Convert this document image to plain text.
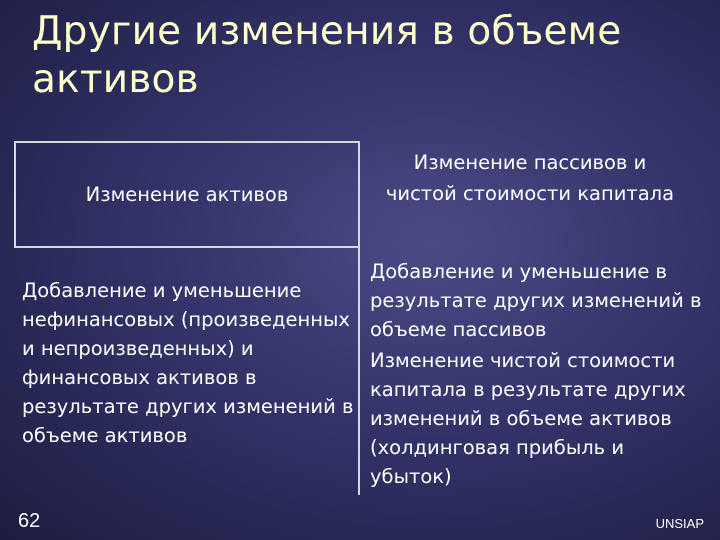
Другие изменения в объеме активов
Изменение активов
Изменение пассивов и чистой стоимости капитала
Добавление и уменьшение нефинансовых (произведенных и непроизведенных) и финансовых активов в результате других изменений в объеме активов
Добавление и уменьшение в результате других изменений в объеме пассивов
Изменение чистой стоимости капитала в результате других изменений в объеме активов (холдинговая прибыль и убыток)
62	UNSIAP
